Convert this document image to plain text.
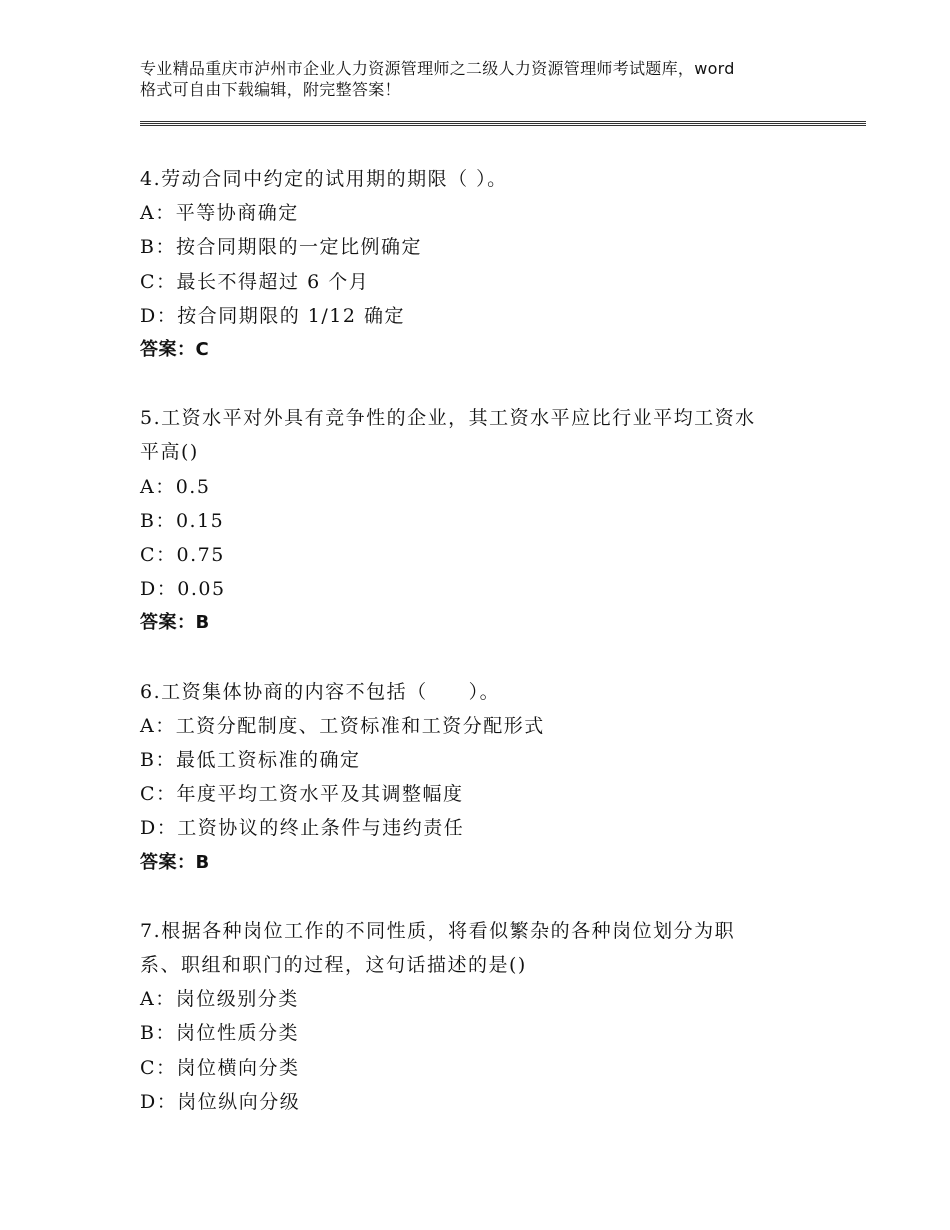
专业精品重庆市泸州市企业人力资源管理师之二级人力资源管理师考试题库，word
格式可自由下载编辑，附完整答案！
4.劳动合同中约定的试用期的期限（ ）。
A：平等协商确定
B：按合同期限的一定比例确定
C：最长不得超过 6 个月
D：按合同期限的 1/12 确定
答案：C
5.工资水平对外具有竞争性的企业，其工资水平应比行业平均工资水
平高()
A：0.5
B：0.15
C：0.75
D：0.05
答案：B
6.工资集体协商的内容不包括（　　）。
A：工资分配制度、工资标准和工资分配形式
B：最低工资标准的确定
C：年度平均工资水平及其调整幅度
D：工资协议的终止条件与违约责任
答案：B
7.根据各种岗位工作的不同性质，将看似繁杂的各种岗位划分为职
系、职组和职门的过程，这句话描述的是()
A：岗位级别分类
B：岗位性质分类
C：岗位横向分类
D：岗位纵向分级
